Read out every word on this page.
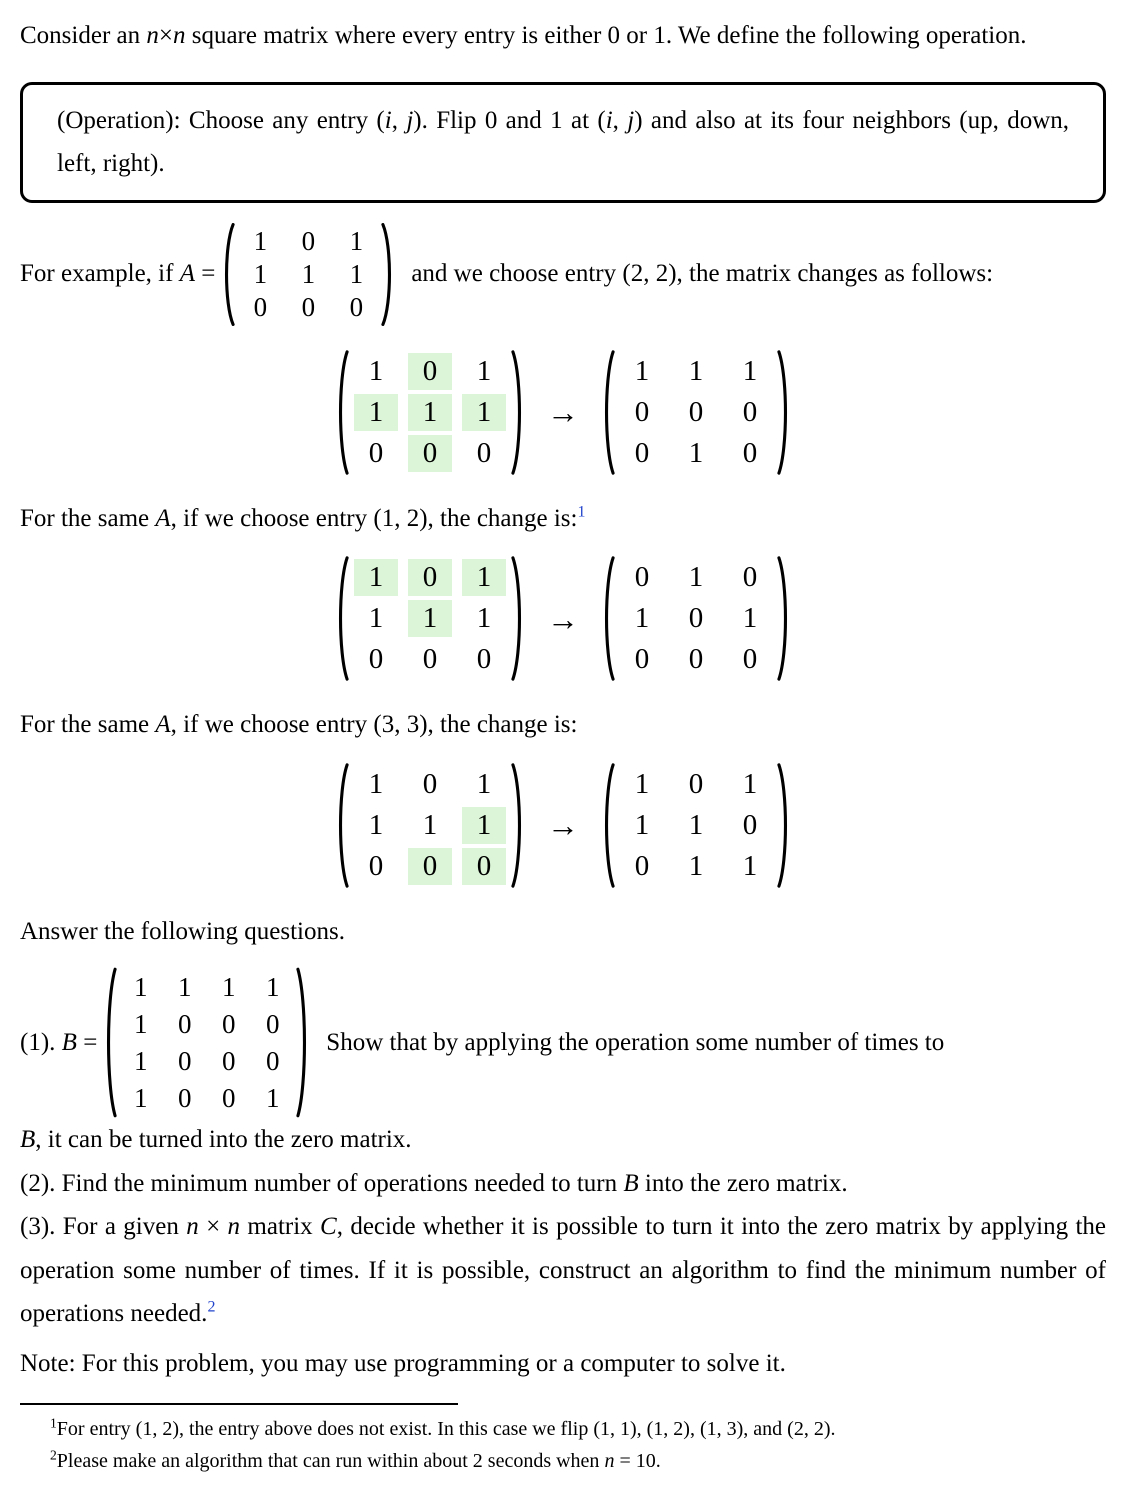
Consider an n×n square matrix where every entry is either 0 or 1. We define the following operation.

(Operation): Choose any entry (i, j). Flip 0 and 1 at (i, j) and also at its four neighbors (up, down, left, right).

For example, if A =
1	0	1
1	1	1
0	0	0
and we choose entry (2, 2), the matrix changes as follows:
1	0	1
1	1	1
0	0	0
→
1	1	1
0	0	0
0	1	0

For the same A, if we choose entry (1, 2), the change is:$^1$

1	0	1
1	1	1
0	0	0
→
0	1	0
1	0	1
0	0	0

For the same A, if we choose entry (3, 3), the change is:

1	0	1
1	1	1
0	0	0
→
1	0	1
1	1	0
0	1	1

Answer the following questions.

(1). B =
1	1	1	1
1	0	0	0
1	0	0	0
1	0	0	1
Show that by applying the operation some number of times to

B, it can be turned into the zero matrix.

(2). Find the minimum number of operations needed to turn B into the zero matrix.

(3). For a given n × n matrix C, decide whether it is possible to turn it into the zero matrix by applying the operation some number of times. If it is possible, construct an algorithm to find the minimum number of operations needed.$^2$

Note: For this problem, you may use programming or a computer to solve it.

$^1$For entry (1, 2), the entry above does not exist. In this case we flip (1, 1), (1, 2), (1, 3), and (2, 2).

$^2$Please make an algorithm that can run within about 2 seconds when n = 10.
